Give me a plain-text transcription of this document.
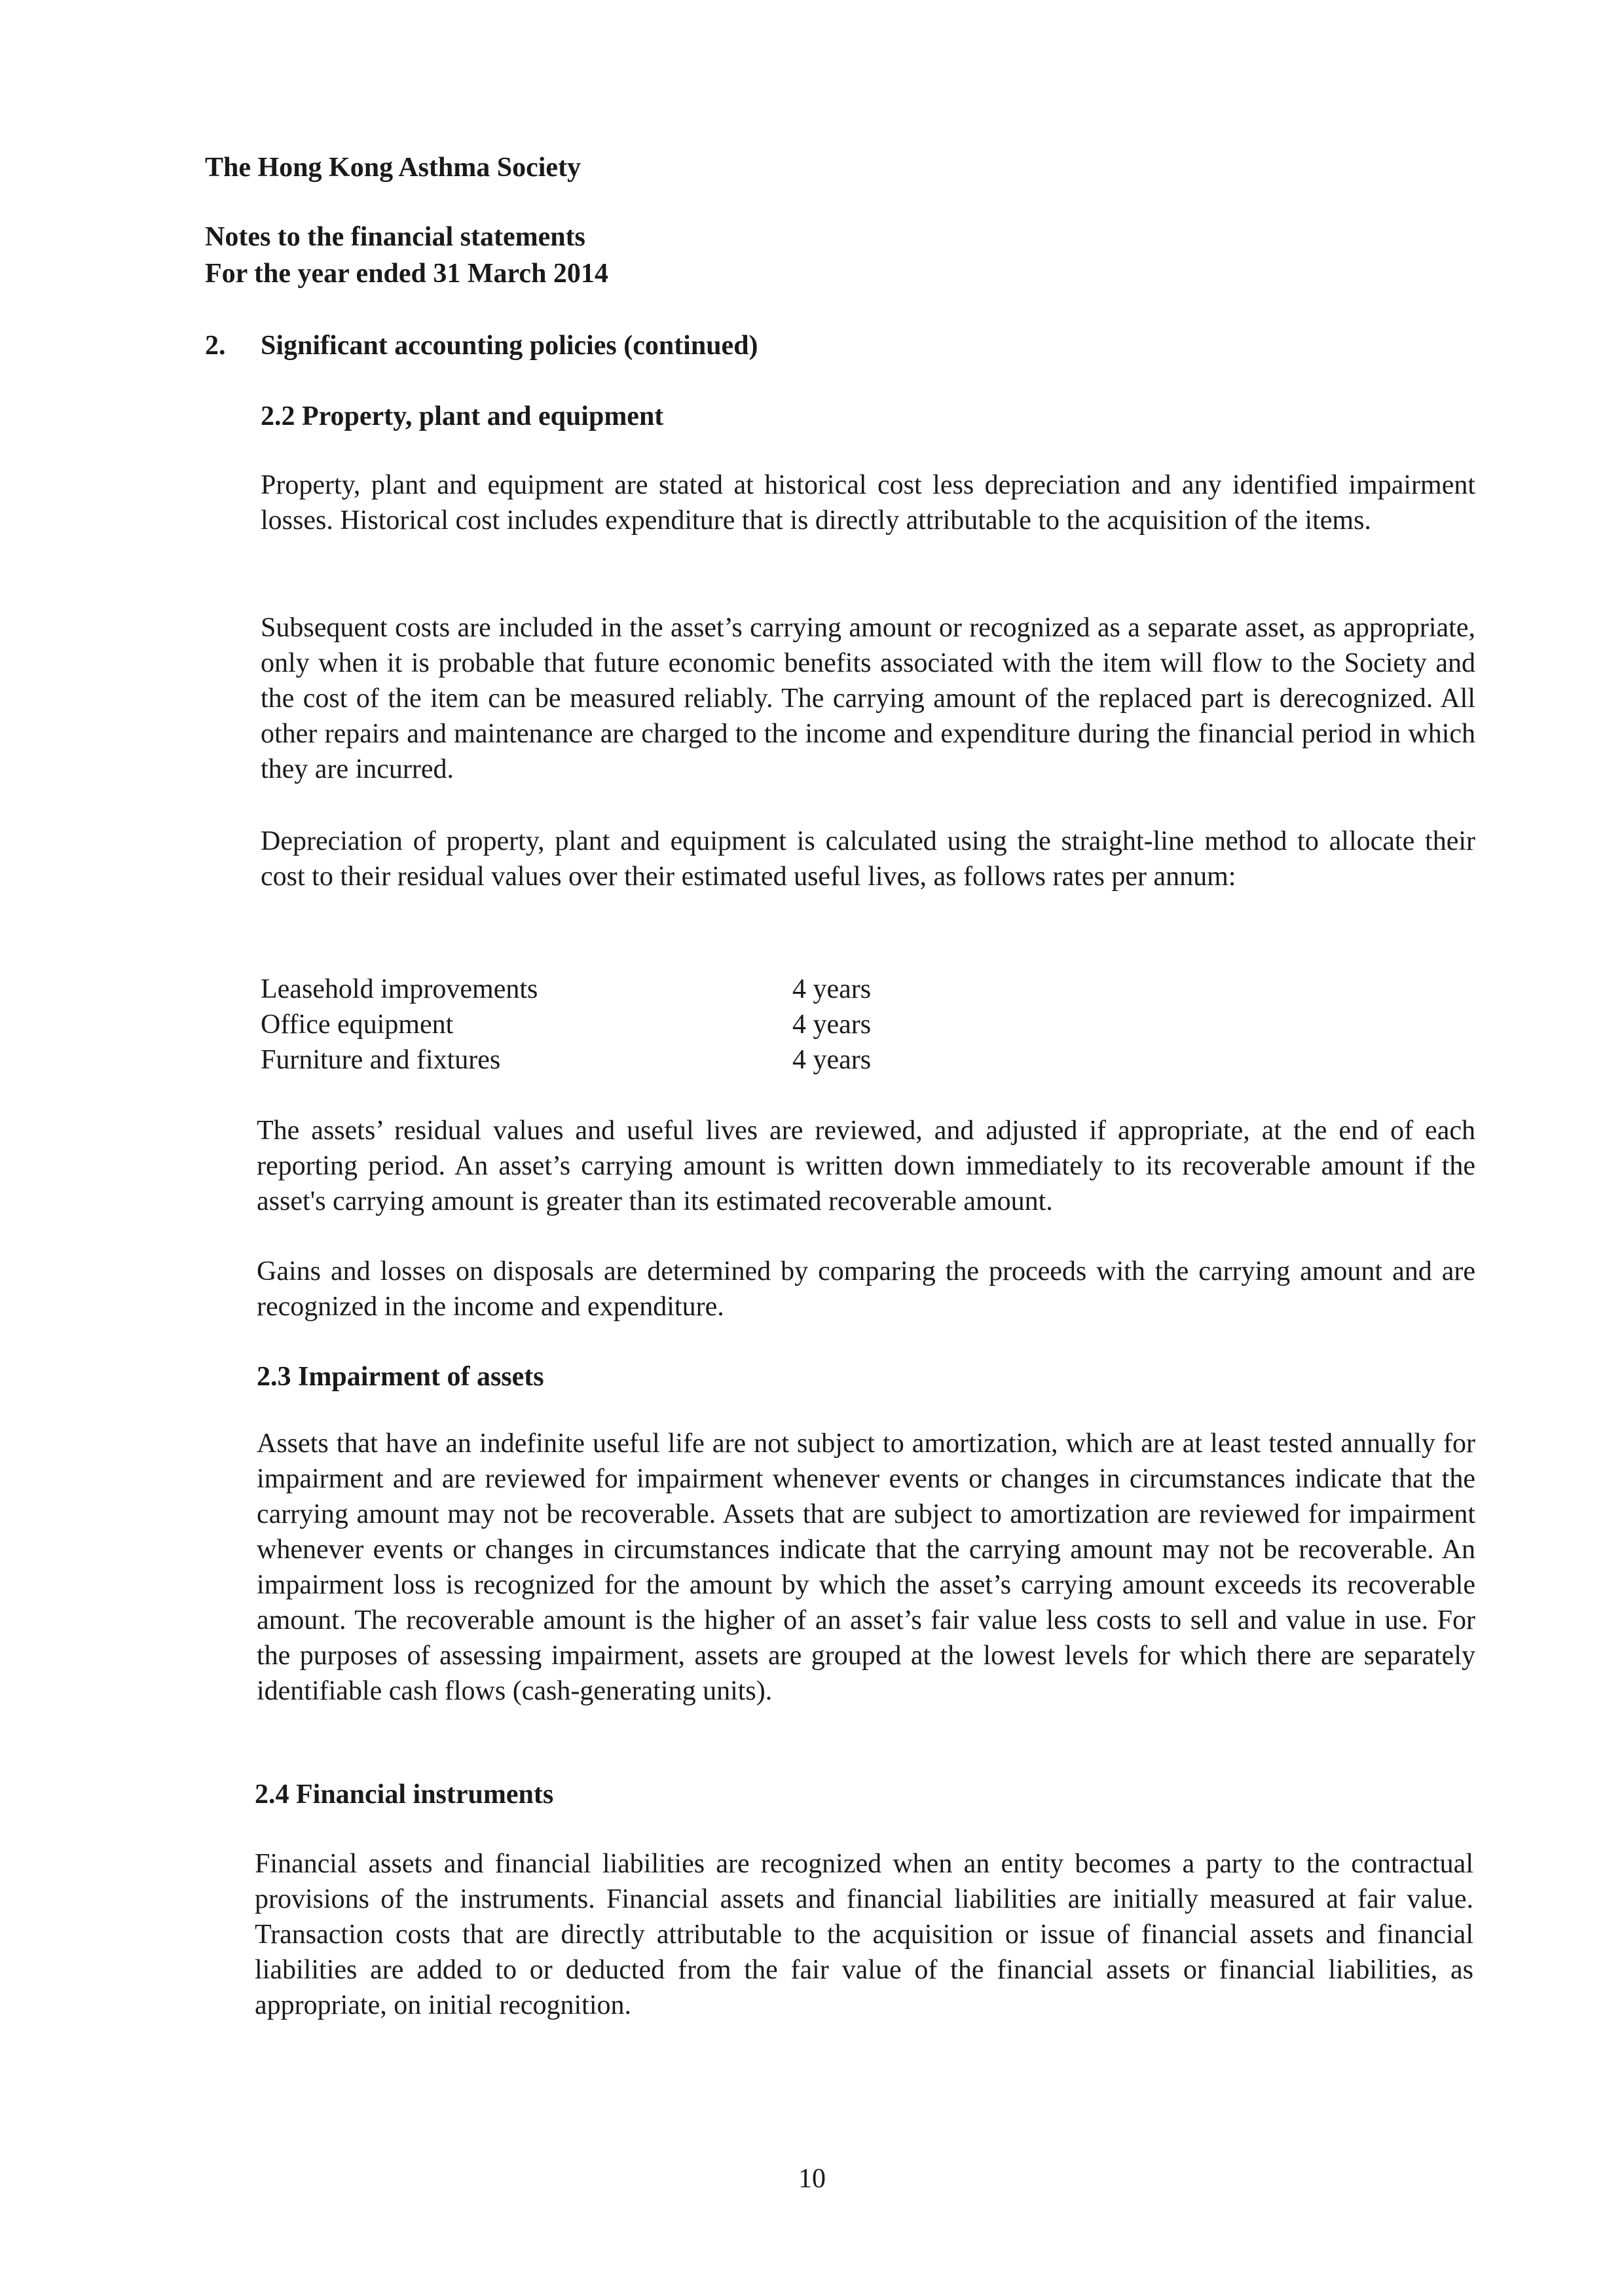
The Hong Kong Asthma Society
Notes to the financial statements
For the year ended 31 March 2014
2. Significant accounting policies (continued)
2.2 Property, plant and equipment

Property, plant and equipment are stated at historical cost less depreciation and any identified impairment losses. Historical cost includes expenditure that is directly attributable to the acquisition of the items.

Subsequent costs are included in the asset’s carrying amount or recognized as a separate asset, as appropriate, only when it is probable that future economic benefits associated with the item will flow to the Society and the cost of the item can be measured reliably. The carrying amount of the replaced part is derecognized. All other repairs and maintenance are charged to the income and expenditure during the financial period in which they are incurred.

Depreciation of property, plant and equipment is calculated using the straight-line method to allocate their cost to their residual values over their estimated useful lives, as follows rates per annum:

Leasehold improvements	4 years
Office equipment	4 years
Furniture and fixtures	4 years

The assets’ residual values and useful lives are reviewed, and adjusted if appropriate, at the end of each reporting period. An asset’s carrying amount is written down immediately to its recoverable amount if the asset's carrying amount is greater than its estimated recoverable amount.

Gains and losses on disposals are determined by comparing the proceeds with the carrying amount and are recognized in the income and expenditure.

2.3 Impairment of assets

Assets that have an indefinite useful life are not subject to amortization, which are at least tested annually for impairment and are reviewed for impairment whenever events or changes in circumstances indicate that the carrying amount may not be recoverable. Assets that are subject to amortization are reviewed for impairment whenever events or changes in circumstances indicate that the carrying amount may not be recoverable. An impairment loss is recognized for the amount by which the asset’s carrying amount exceeds its recoverable amount. The recoverable amount is the higher of an asset’s fair value less costs to sell and value in use. For the purposes of assessing impairment, assets are grouped at the lowest levels for which there are separately identifiable cash flows (cash-generating units).

2.4 Financial instruments

Financial assets and financial liabilities are recognized when an entity becomes a party to the contractual provisions of the instruments. Financial assets and financial liabilities are initially measured at fair value. Transaction costs that are directly attributable to the acquisition or issue of financial assets and financial liabilities are added to or deducted from the fair value of the financial assets or financial liabilities, as appropriate, on initial recognition.

10
